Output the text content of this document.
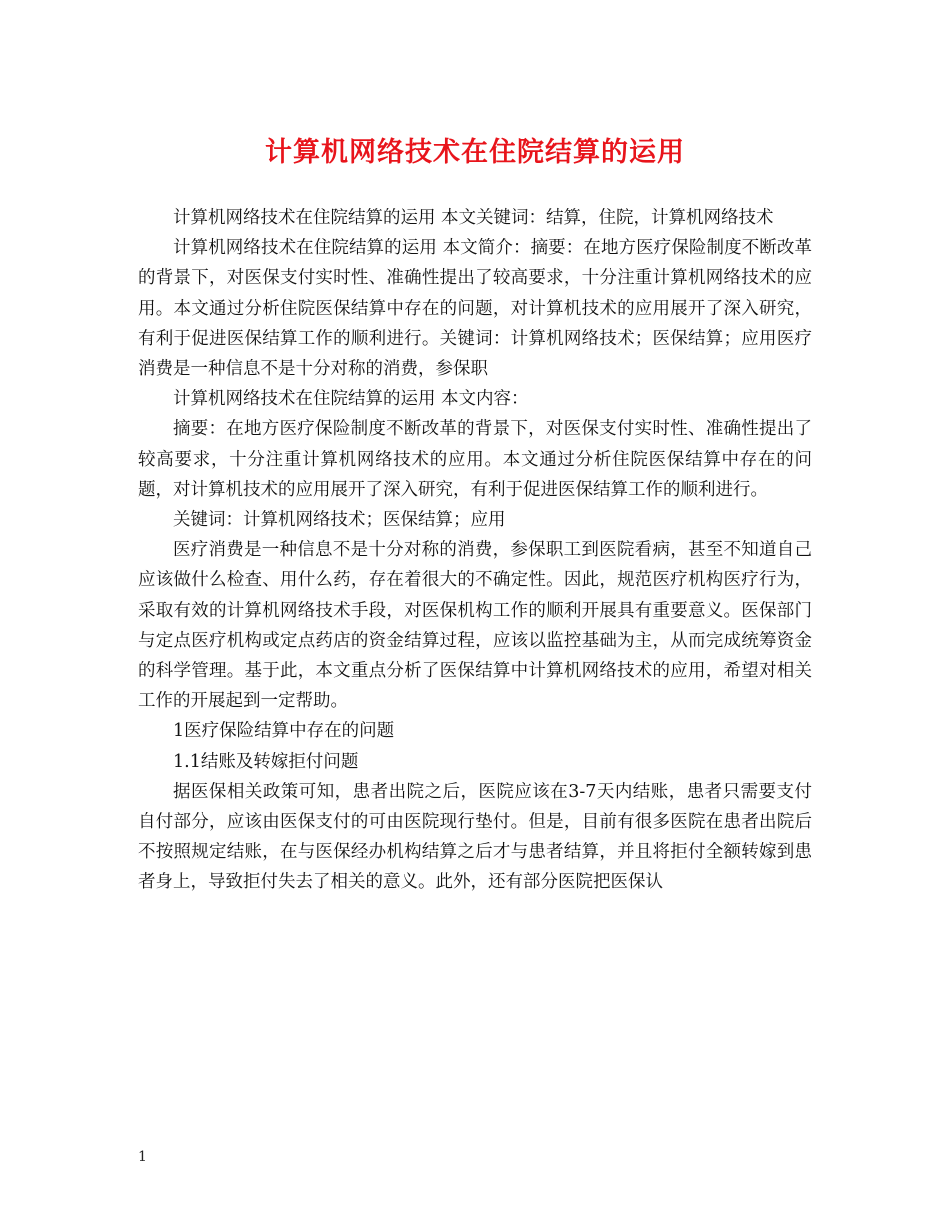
计算机网络技术在住院结算的运用

计算机网络技术在住院结算的运用 本文关键词：结算，住院，计算机网络技术

计算机网络技术在住院结算的运用 本文简介：摘要：在地方医疗保险制度不断改革的背景下，对医保支付实时性、准确性提出了较高要求，十分注重计算机网络技术的应用。本文通过分析住院医保结算中存在的问题，对计算机技术的应用展开了深入研究，有利于促进医保结算工作的顺利进行。关键词：计算机网络技术；医保结算；应用医疗消费是一种信息不是十分对称的消费，参保职

计算机网络技术在住院结算的运用 本文内容：

摘要：在地方医疗保险制度不断改革的背景下，对医保支付实时性、准确性提出了较高要求，十分注重计算机网络技术的应用。本文通过分析住院医保结算中存在的问题，对计算机技术的应用展开了深入研究，有利于促进医保结算工作的顺利进行。

关键词：计算机网络技术；医保结算；应用

医疗消费是一种信息不是十分对称的消费，参保职工到医院看病，甚至不知道自己应该做什么检查、用什么药，存在着很大的不确定性。因此，规范医疗机构医疗行为，采取有效的计算机网络技术手段，对医保机构工作的顺利开展具有重要意义。医保部门与定点医疗机构或定点药店的资金结算过程，应该以监控基础为主，从而完成统筹资金的科学管理。基于此，本文重点分析了医保结算中计算机网络技术的应用，希望对相关工作的开展起到一定帮助。

1医疗保险结算中存在的问题

1.1结账及转嫁拒付问题

据医保相关政策可知，患者出院之后，医院应该在3-7天内结账，患者只需要支付自付部分，应该由医保支付的可由医院现行垫付。但是，目前有很多医院在患者出院后不按照规定结账，在与医保经办机构结算之后才与患者结算，并且将拒付全额转嫁到患者身上，导致拒付失去了相关的意义。此外，还有部分医院把医保认

1
